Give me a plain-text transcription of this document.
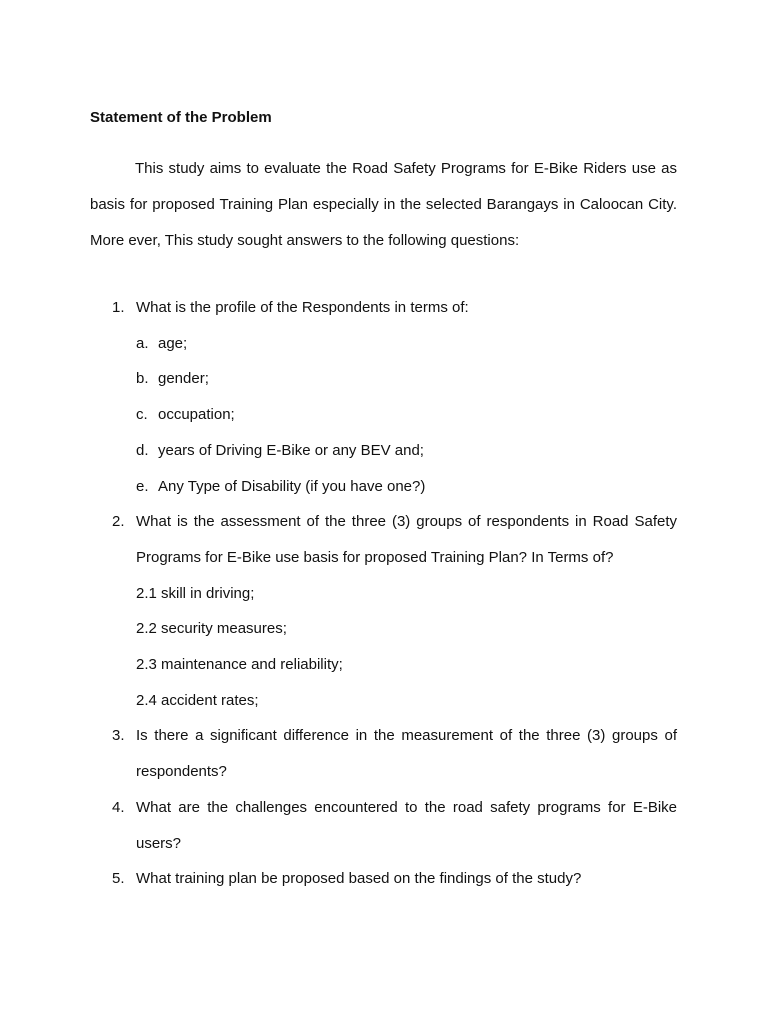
Statement of the Problem

This study aims to evaluate the Road Safety Programs for E-Bike Riders use as basis for proposed Training Plan especially in the selected Barangays in Caloocan City. More ever, This study sought answers to the following questions:

1. What is the profile of the Respondents in terms of:
a. age;
b. gender;
c. occupation;
d. years of Driving E-Bike or any BEV and;
e. Any Type of Disability (if you have one?)
2. What is the assessment of the three (3) groups of respondents in Road Safety Programs for E-Bike use basis for proposed Training Plan? In Terms of?
2.1 skill in driving;
2.2 security measures;
2.3 maintenance and reliability;
2.4 accident rates;
3. Is there a significant difference in the measurement of the three (3) groups of respondents?
4. What are the challenges encountered to the road safety programs for E-Bike users?
5. What training plan be proposed based on the findings of the study?
